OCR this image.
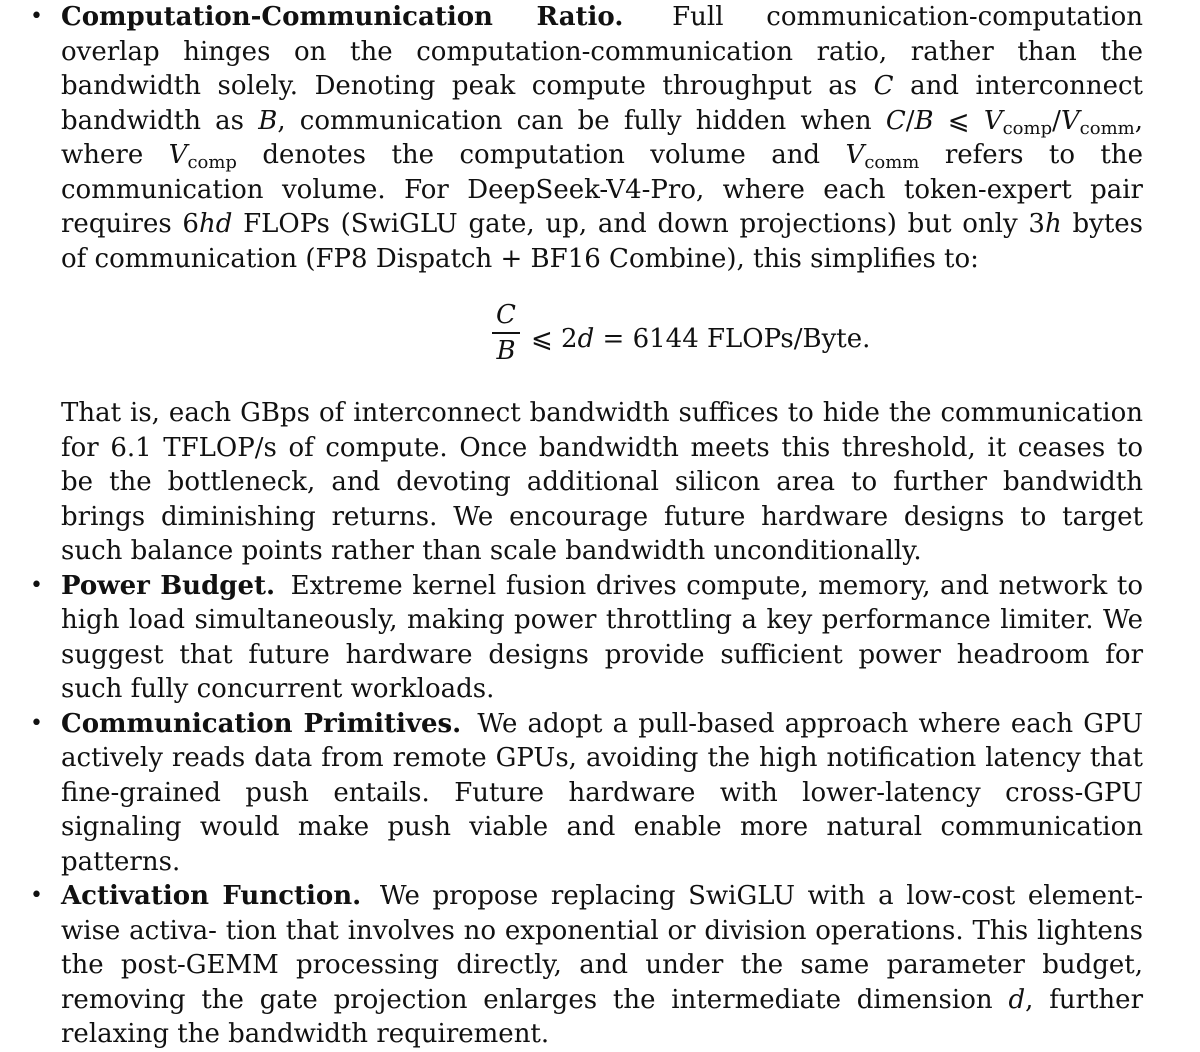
• Computation-Communication Ratio. Full communication-computation overlap hinges on the computation-communication ratio, rather than the bandwidth solely. Denoting peak compute throughput as C and interconnect bandwidth as B, communication can be fully hidden when C/B ⩽ $V_{comp}/V_{comm}$, where $V_{comp}$ denotes the computation volume and $V_{comm}$ refers to the communication volume. For DeepSeek-V4-Pro, where each token-expert pair requires 6hd FLOPs (SwiGLU gate, up, and down projections) but only 3h bytes of communication (FP8 Dispatch + BF16 Combine), this simplifies to:
C
B ⩽ 2d = 6144 FLOPs/Byte.
That is, each GBps of interconnect bandwidth suffices to hide the communication for 6.1 TFLOP/s of compute. Once bandwidth meets this threshold, it ceases to be the bottleneck, and devoting additional silicon area to further bandwidth brings diminishing returns. We encourage future hardware designs to target such balance points rather than scale bandwidth unconditionally.
• Power Budget. Extreme kernel fusion drives compute, memory, and network to high load simultaneously, making power throttling a key performance limiter. We suggest that future hardware designs provide sufficient power headroom for such fully concurrent workloads.
• Communication Primitives. We adopt a pull-based approach where each GPU actively reads data from remote GPUs, avoiding the high notification latency that fine-grained push entails. Future hardware with lower-latency cross-GPU signaling would make push viable and enable more natural communication patterns.
• Activation Function. We propose replacing SwiGLU with a low-cost element-wise activa- tion that involves no exponential or division operations. This lightens the post-GEMM processing directly, and under the same parameter budget, removing the gate projection enlarges the intermediate dimension d, further relaxing the bandwidth requirement.
